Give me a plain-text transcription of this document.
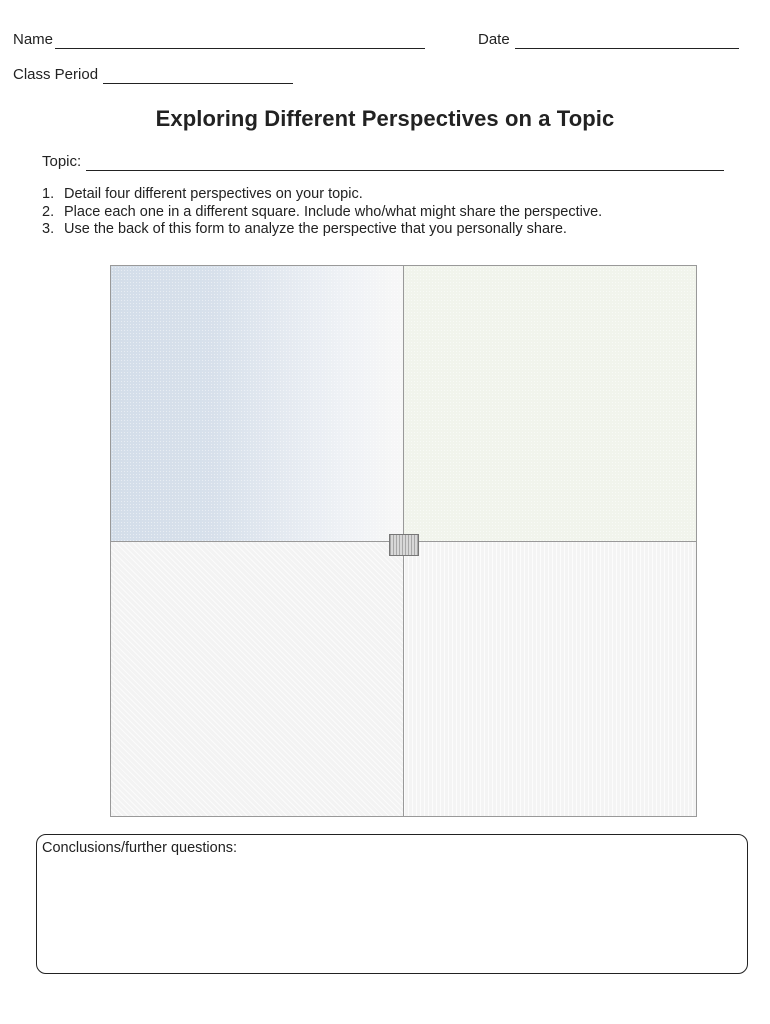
Name	Date
Class Period
Exploring Different Perspectives on a Topic
Topic:
1. Detail four different perspectives on your topic.
2. Place each one in a different square. Include who/what might share the perspective.
3. Use the back of this form to analyze the perspective that you personally share.
Conclusions/further questions:
